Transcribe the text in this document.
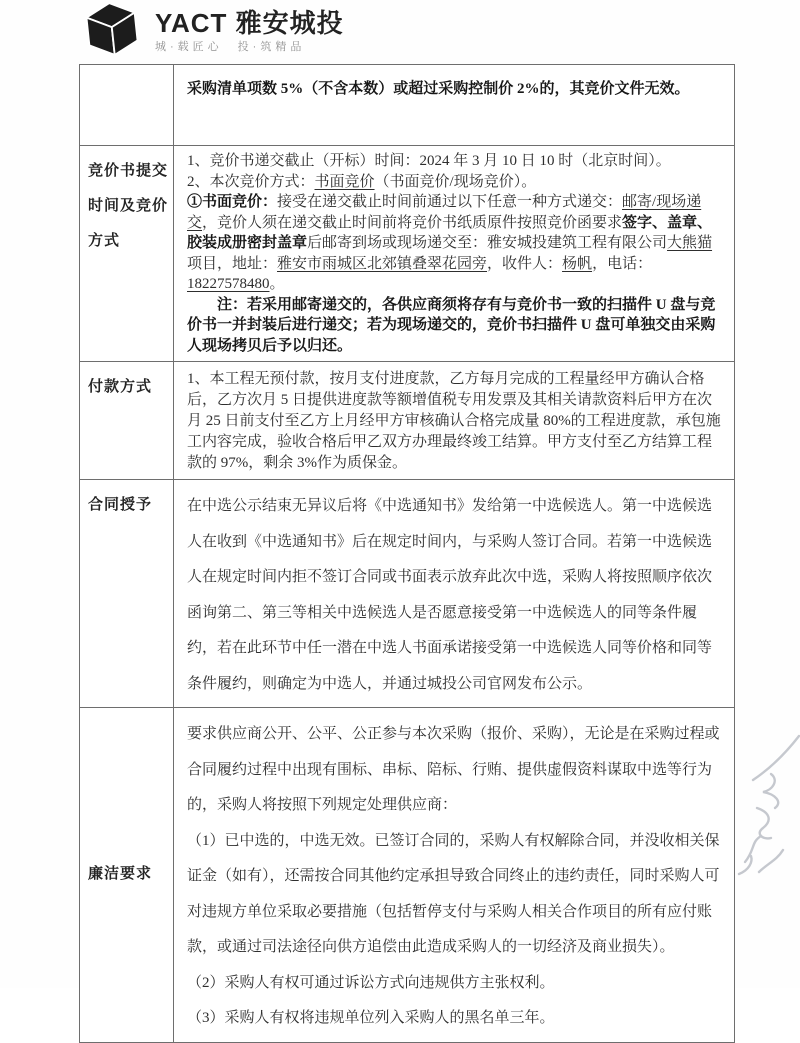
YACT 雅安城投
城·载匠心　投·筑精品

采购清单项数 5%（不含本数）或超过采购控制价 2%的，其竞价文件无效。

竞价书提交时间及竞价方式

1、竞价书递交截止（开标）时间：2024 年 3 月 10 日 10 时（北京时间）。

2、本次竞价方式：书面竞价（书面竞价/现场竞价）。

①书面竞价：接受在递交截止时间前通过以下任意一种方式递交：邮寄/现场递交，竞价人须在递交截止时间前将竞价书纸质原件按照竞价函要求签字、盖章、胶装成册密封盖章后邮寄到场或现场递交至：雅安城投建筑工程有限公司大熊猫项目，地址：雅安市雨城区北郊镇叠翠花园旁，收件人：杨帆，电话：18227578480。

注：若采用邮寄递交的，各供应商须将存有与竞价书一致的扫描件 U 盘与竞价书一并封装后进行递交；若为现场递交的，竞价书扫描件 U 盘可单独交由采购人现场拷贝后予以归还。

付款方式	1、本工程无预付款，按月支付进度款，乙方每月完成的工程量经甲方确认合格后，乙方次月 5 日提供进度款等额增值税专用发票及其相关请款资料后甲方在次月 25 日前支付至乙方上月经甲方审核确认合格完成量 80%的工程进度款，承包施工内容完成，验收合格后甲乙双方办理最终竣工结算。甲方支付至乙方结算工程款的 97%，剩余 3%作为质保金。

合同授予	在中选公示结束无异议后将《中选通知书》发给第一中选候选人。第一中选候选人在收到《中选通知书》后在规定时间内，与采购人签订合同。若第一中选候选人在规定时间内拒不签订合同或书面表示放弃此次中选，采购人将按照顺序依次函询第二、第三等相关中选候选人是否愿意接受第一中选候选人的同等条件履约，若在此环节中任一潜在中选人书面承诺接受第一中选候选人同等价格和同等条件履约，则确定为中选人，并通过城投公司官网发布公示。

廉洁要求

要求供应商公开、公平、公正参与本次采购（报价、采购），无论是在采购过程或合同履约过程中出现有围标、串标、陪标、行贿、提供虚假资料谋取中选等行为的，采购人将按照下列规定处理供应商：

（1）已中选的，中选无效。已签订合同的，采购人有权解除合同，并没收相关保证金（如有），还需按合同其他约定承担导致合同终止的违约责任，同时采购人可对违规方单位采取必要措施（包括暂停支付与采购人相关合作项目的所有应付账款，或通过司法途径向供方追偿由此造成采购人的一切经济及商业损失）。

（2）采购人有权可通过诉讼方式向违规供方主张权利。

（3）采购人有权将违规单位列入采购人的黑名单三年。
